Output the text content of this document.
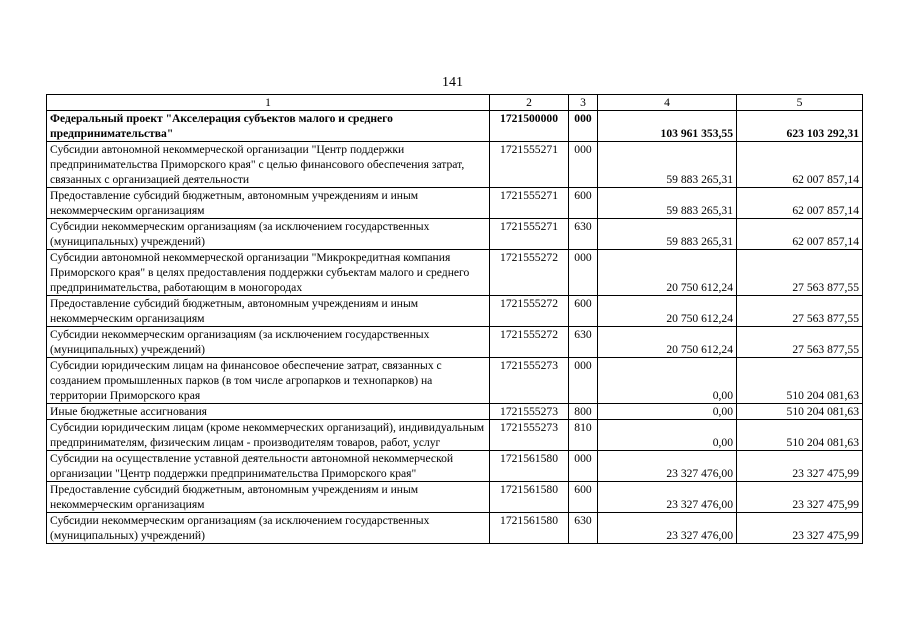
141
1	2	3	4	5
Федеральный проект "Акселерация субъектов малого и среднего предпринимательства"	1721500000	000	103 961 353,55	623 103 292,31
Субсидии автономной некоммерческой организации "Центр поддержки предпринимательства Приморского края" с целью финансового обеспечения затрат, связанных с организацией деятельности	1721555271	000	59 883 265,31	62 007 857,14
Предоставление субсидий бюджетным, автономным учреждениям и иным некоммерческим организациям	1721555271	600	59 883 265,31	62 007 857,14
Субсидии некоммерческим организациям (за исключением государственных (муниципальных) учреждений)	1721555271	630	59 883 265,31	62 007 857,14
Субсидии автономной некоммерческой организации "Микрокредитная компания Приморского края" в целях предоставления поддержки субъектам малого и среднего предпринимательства, работающим в моногородах	1721555272	000	20 750 612,24	27 563 877,55
Предоставление субсидий бюджетным, автономным учреждениям и иным некоммерческим организациям	1721555272	600	20 750 612,24	27 563 877,55
Субсидии некоммерческим организациям (за исключением государственных (муниципальных) учреждений)	1721555272	630	20 750 612,24	27 563 877,55
Субсидии юридическим лицам на финансовое обеспечение затрат, связанных с созданием промышленных парков (в том числе агропарков и технопарков) на территории Приморского края	1721555273	000	0,00	510 204 081,63
Иные бюджетные ассигнования	1721555273	800	0,00	510 204 081,63
Субсидии юридическим лицам (кроме некоммерческих организаций), индивидуальным предпринимателям, физическим лицам - производителям товаров, работ, услуг	1721555273	810	0,00	510 204 081,63
Субсидии на осуществление уставной деятельности автономной некоммерческой организации "Центр поддержки предпринимательства Приморского края"	1721561580	000	23 327 476,00	23 327 475,99
Предоставление субсидий бюджетным, автономным учреждениям и иным некоммерческим организациям	1721561580	600	23 327 476,00	23 327 475,99
Субсидии некоммерческим организациям (за исключением государственных (муниципальных) учреждений)	1721561580	630	23 327 476,00	23 327 475,99
